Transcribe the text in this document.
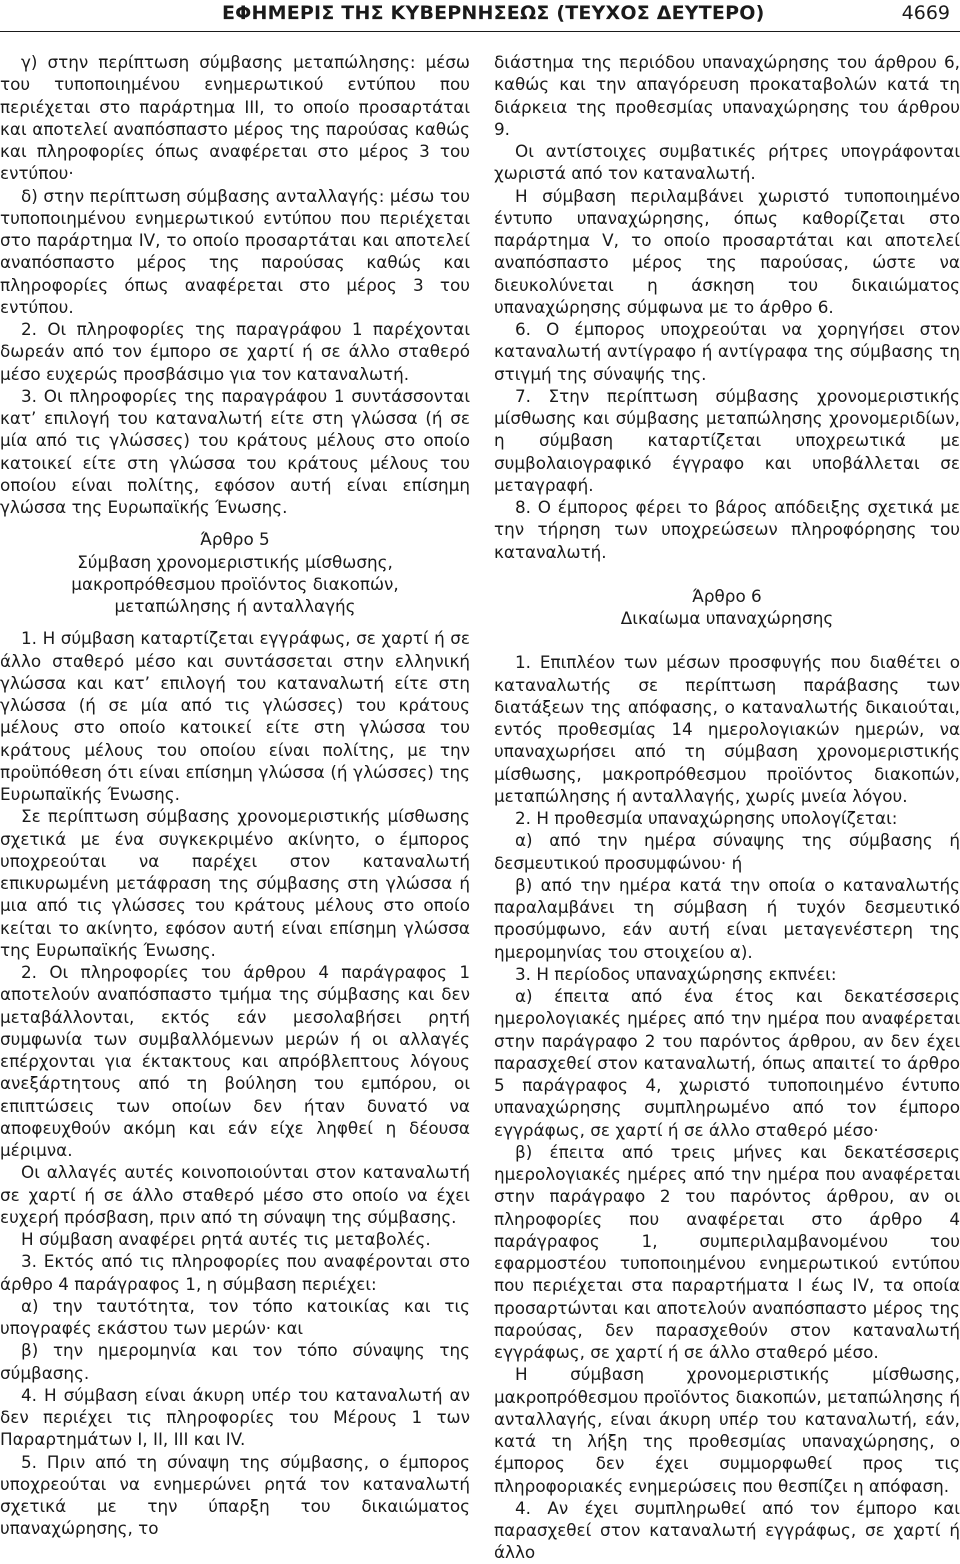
ΕΦΗΜΕΡΙΣ ΤΗΣ ΚΥΒΕΡΝΗΣΕΩΣ (ΤΕΥΧΟΣ ΔΕΥΤΕΡΟ)	4669

γ) στην περίπτωση σύμβασης μεταπώλησης: μέσω του τυποποιημένου ενημερωτικού εντύπου που περιέχεται στο παράρτημα ΙΙΙ, το οποίο προσαρτάται και αποτελεί αναπόσπαστο μέρος της παρούσας καθώς και πληροφορίες όπως αναφέρεται στο μέρος 3 του εντύπου·

δ) στην περίπτωση σύμβασης ανταλλαγής: μέσω του τυποποιημένου ενημερωτικού εντύπου που περιέχεται στο παράρτημα IV, το οποίο προσαρτάται και αποτελεί αναπόσπαστο μέρος της παρούσας καθώς και πληροφορίες όπως αναφέρεται στο μέρος 3 του εντύπου.

2. Οι πληροφορίες της παραγράφου 1 παρέχονται δωρεάν από τον έμπορο σε χαρτί ή σε άλλο σταθερό μέσο ευχερώς προσβάσιμο για τον καταναλωτή.

3. Οι πληροφορίες της παραγράφου 1 συντάσσονται κατ’ επιλογή του καταναλωτή είτε στη γλώσσα (ή σε μία από τις γλώσσες) του κράτους μέλους στο οποίο κατοικεί είτε στη γλώσσα του κράτους μέλους του οποίου είναι πολίτης, εφόσον αυτή είναι επίσημη γλώσσα της Ευρωπαϊκής Ένωσης.

Άρθρο 5

Σύμβαση χρονομεριστικής μίσθωσης,

μακροπρόθεσμου προϊόντος διακοπών,

μεταπώλησης ή ανταλλαγής

1. Η σύμβαση καταρτίζεται εγγράφως, σε χαρτί ή σε άλλο σταθερό μέσο και συντάσσεται στην ελληνική γλώσσα και κατ’ επιλογή του καταναλωτή είτε στη γλώσσα (ή σε μία από τις γλώσσες) του κράτους μέλους στο οποίο κατοικεί είτε στη γλώσσα του κράτους μέλους του οποίου είναι πολίτης, με την προϋπόθεση ότι είναι επίσημη γλώσσα (ή γλώσσες) της Ευρωπαϊκής Ένωσης.

Σε περίπτωση σύμβασης χρονομεριστικής μίσθωσης σχετικά με ένα συγκεκριμένο ακίνητο, ο έμπορος υποχρεούται να παρέχει στον καταναλωτή επικυρωμένη μετάφραση της σύμβασης στη γλώσσα ή μια από τις γλώσσες του κράτους μέλους στο οποίο κείται το ακίνητο, εφόσον αυτή είναι επίσημη γλώσσα της Ευρωπαϊκής Ένωσης.

2. Οι πληροφορίες του άρθρου 4 παράγραφος 1 αποτελούν αναπόσπαστο τμήμα της σύμβασης και δεν μεταβάλλονται, εκτός εάν μεσολαβήσει ρητή συμφωνία των συμβαλλόμενων μερών ή οι αλλαγές επέρχονται για έκτακτους και απρόβλεπτους λόγους ανεξάρτητους από τη βούληση του εμπόρου, οι επιπτώσεις των οποίων δεν ήταν δυνατό να αποφευχθούν ακόμη και εάν είχε ληφθεί η δέουσα μέριμνα.

Οι αλλαγές αυτές κοινοποιούνται στον καταναλωτή σε χαρτί ή σε άλλο σταθερό μέσο στο οποίο να έχει ευχερή πρόσβαση, πριν από τη σύναψη της σύμβασης.

Η σύμβαση αναφέρει ρητά αυτές τις μεταβολές.

3. Εκτός από τις πληροφορίες που αναφέρονται στο άρθρο 4 παράγραφος 1, η σύμβαση περιέχει:

α) την ταυτότητα, τον τόπο κατοικίας και τις υπογραφές εκάστου των μερών· και

β) την ημερομηνία και τον τόπο σύναψης της σύμβασης.

4. Η σύμβαση είναι άκυρη υπέρ του καταναλωτή αν δεν περιέχει τις πληροφορίες του Μέρους 1 των Παραρτημάτων Ι, ΙΙ, ΙΙΙ και IV.

5. Πριν από τη σύναψη της σύμβασης, ο έμπορος υποχρεούται να ενημερώνει ρητά τον καταναλωτή σχετικά με την ύπαρξη του δικαιώματος υπαναχώρησης, το

διάστημα της περιόδου υπαναχώρησης του άρθρου 6, καθώς και την απαγόρευση προκαταβολών κατά τη διάρκεια της προθεσμίας υπαναχώρησης του άρθρου 9.

Οι αντίστοιχες συμβατικές ρήτρες υπογράφονται χωριστά από τον καταναλωτή.

Η σύμβαση περιλαμβάνει χωριστό τυποποιημένο έντυπο υπαναχώρησης, όπως καθορίζεται στο παράρτημα V, το οποίο προσαρτάται και αποτελεί αναπόσπαστο μέρος της παρούσας, ώστε να διευκολύνεται η άσκηση του δικαιώματος υπαναχώρησης σύμφωνα με το άρθρο 6.

6. Ο έμπορος υποχρεούται να χορηγήσει στον καταναλωτή αντίγραφο ή αντίγραφα της σύμβασης τη στιγμή της σύναψής της.

7. Στην περίπτωση σύμβασης χρονομεριστικής μίσθωσης και σύμβασης μεταπώλησης χρονομεριδίων, η σύμβαση καταρτίζεται υποχρεωτικά με συμβολαιογραφικό έγγραφο και υποβάλλεται σε μεταγραφή.

8. Ο έμπορος φέρει το βάρος απόδειξης σχετικά με την τήρηση των υποχρεώσεων πληροφόρησης του καταναλωτή.

Άρθρο 6

Δικαίωμα υπαναχώρησης

1. Επιπλέον των μέσων προσφυγής που διαθέτει ο καταναλωτής σε περίπτωση παράβασης των διατάξεων της απόφασης, ο καταναλωτής δικαιούται, εντός προθεσμίας 14 ημερολογιακών ημερών, να υπαναχωρήσει από τη σύμβαση χρονομεριστικής μίσθωσης, μακροπρόθεσμου προϊόντος διακοπών, μεταπώλησης ή ανταλλαγής, χωρίς μνεία λόγου.

2. Η προθεσμία υπαναχώρησης υπολογίζεται:

α) από την ημέρα σύναψης της σύμβασης ή δεσμευτικού προσυμφώνου· ή

β) από την ημέρα κατά την οποία ο καταναλωτής παραλαμβάνει τη σύμβαση ή τυχόν δεσμευτικό προσύμφωνο, εάν αυτή είναι μεταγενέστερη της ημερομηνίας του στοιχείου α).

3. Η περίοδος υπαναχώρησης εκπνέει:

α) έπειτα από ένα έτος και δεκατέσσερις ημερολογιακές ημέρες από την ημέρα που αναφέρεται στην παράγραφο 2 του παρόντος άρθρου, αν δεν έχει παρασχεθεί στον καταναλωτή, όπως απαιτεί το άρθρο 5 παράγραφος 4, χωριστό τυποποιημένο έντυπο υπαναχώρησης συμπληρωμένο από τον έμπορο εγγράφως, σε χαρτί ή σε άλλο σταθερό μέσο·

β) έπειτα από τρεις μήνες και δεκατέσσερις ημερολογιακές ημέρες από την ημέρα που αναφέρεται στην παράγραφο 2 του παρόντος άρθρου, αν οι πληροφορίες που αναφέρεται στο άρθρο 4 παράγραφος 1, συμπεριλαμβανομένου του εφαρμοστέου τυποποιημένου ενημερωτικού εντύπου που περιέχεται στα παραρτήματα Ι έως IV, τα οποία προσαρτώνται και αποτελούν αναπόσπαστο μέρος της παρούσας, δεν παρασχεθούν στον καταναλωτή εγγράφως, σε χαρτί ή σε άλλο σταθερό μέσο.

Η σύμβαση χρονομεριστικής μίσθωσης, μακροπρόθεσμου προϊόντος διακοπών, μεταπώλησης ή ανταλλαγής, είναι άκυρη υπέρ του καταναλωτή, εάν, κατά τη λήξη της προθεσμίας υπαναχώρησης, ο έμπορος δεν έχει συμμορφωθεί προς τις πληροφοριακές ενημερώσεις που θεσπίζει η απόφαση.

4. Αν έχει συμπληρωθεί από τον έμπορο και παρασχεθεί στον καταναλωτή εγγράφως, σε χαρτί ή άλλο
